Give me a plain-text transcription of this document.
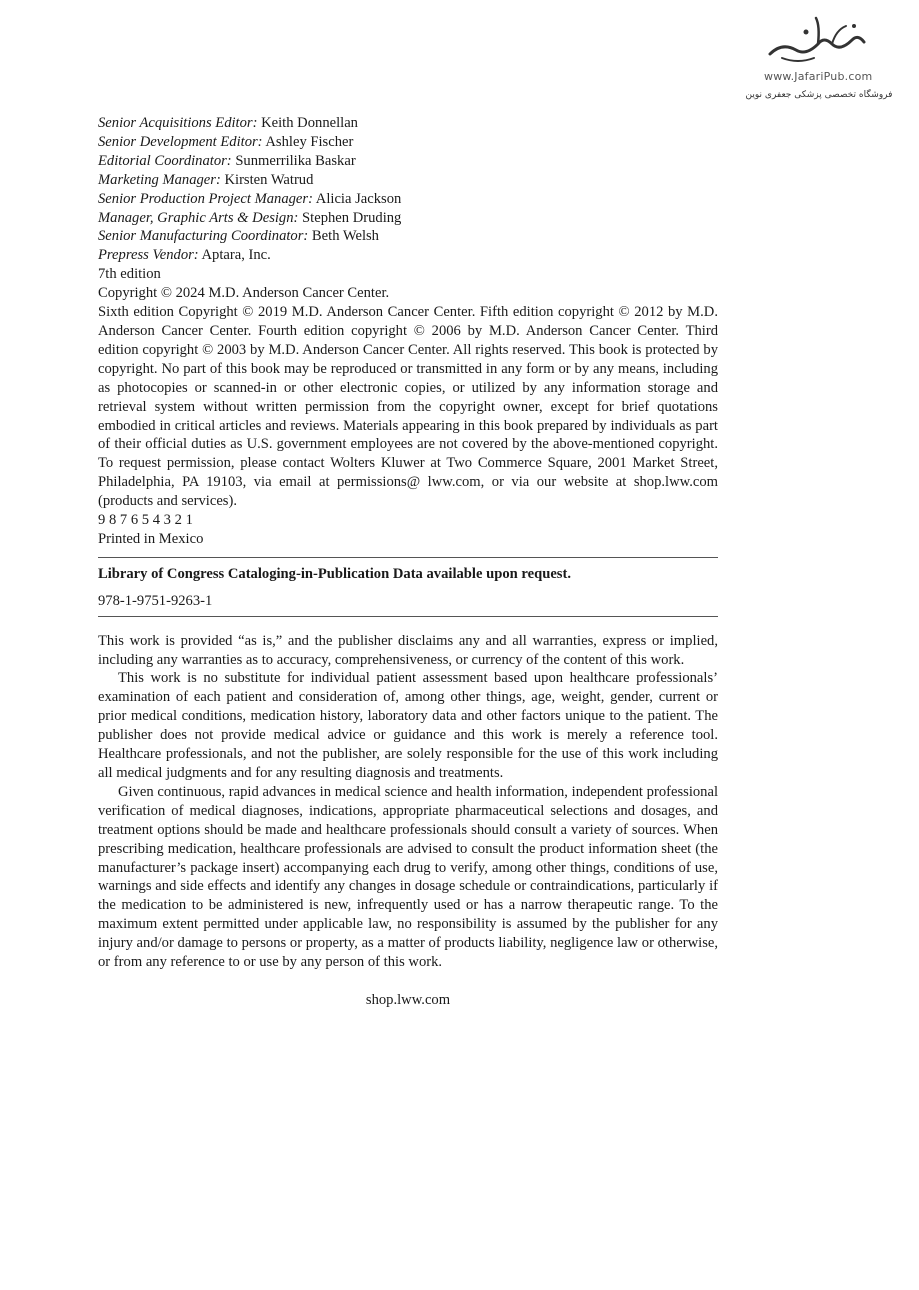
www.JafariPub.com
فروشگاه تخصصی پزشکی جعفری نوین

Senior Acquisitions Editor: Keith Donnellan

Senior Development Editor: Ashley Fischer

Editorial Coordinator: Sunmerrilika Baskar

Marketing Manager: Kirsten Watrud

Senior Production Project Manager: Alicia Jackson

Manager, Graphic Arts & Design: Stephen Druding

Senior Manufacturing Coordinator: Beth Welsh

Prepress Vendor: Aptara, Inc.

7th edition

Copyright © 2024 M.D. Anderson Cancer Center.

Sixth edition Copyright © 2019 M.D. Anderson Cancer Center. Fifth edition copyright © 2012 by M.D. Anderson Cancer Center. Fourth edition copyright © 2006 by M.D. Anderson Cancer Center. Third edition copyright © 2003 by M.D. Anderson Cancer Center. All rights reserved. This book is protected by copyright. No part of this book may be reproduced or transmitted in any form or by any means, including as photocopies or scanned-in or other electronic copies, or utilized by any information storage and retrieval system without written permission from the copyright owner, except for brief quotations embodied in critical articles and reviews. Materials appearing in this book prepared by individuals as part of their official duties as U.S. government employees are not covered by the above-mentioned copyright. To request permission, please contact Wolters Kluwer at Two Commerce Square, 2001 Market Street, Philadelphia, PA 19103, via email at permissions@ lww.com, or via our website at shop.lww.com (products and services).

9 8 7 6 5 4 3 2 1

Printed in Mexico

Library of Congress Cataloging-in-Publication Data available upon request.

978-1-9751-9263-1

This work is provided “as is,” and the publisher disclaims any and all warranties, express or implied, including any warranties as to accuracy, comprehensiveness, or currency of the content of this work.

This work is no substitute for individual patient assessment based upon healthcare professionals’ examination of each patient and consideration of, among other things, age, weight, gender, current or prior medical conditions, medication history, laboratory data and other factors unique to the patient. The publisher does not provide medical advice or guidance and this work is merely a reference tool. Healthcare professionals, and not the publisher, are solely responsible for the use of this work including all medical judgments and for any resulting diagnosis and treatments.

Given continuous, rapid advances in medical science and health information, independent professional verification of medical diagnoses, indications, appropriate pharmaceutical selections and dosages, and treatment options should be made and healthcare professionals should consult a variety of sources. When prescribing medication, healthcare professionals are advised to consult the product information sheet (the manufacturer’s package insert) accompanying each drug to verify, among other things, conditions of use, warnings and side effects and identify any changes in dosage schedule or contraindications, particularly if the medication to be administered is new, infrequently used or has a narrow therapeutic range. To the maximum extent permitted under applicable law, no responsibility is assumed by the publisher for any injury and/or damage to persons or property, as a matter of products liability, negligence law or otherwise, or from any reference to or use by any person of this work.

shop.lww.com
